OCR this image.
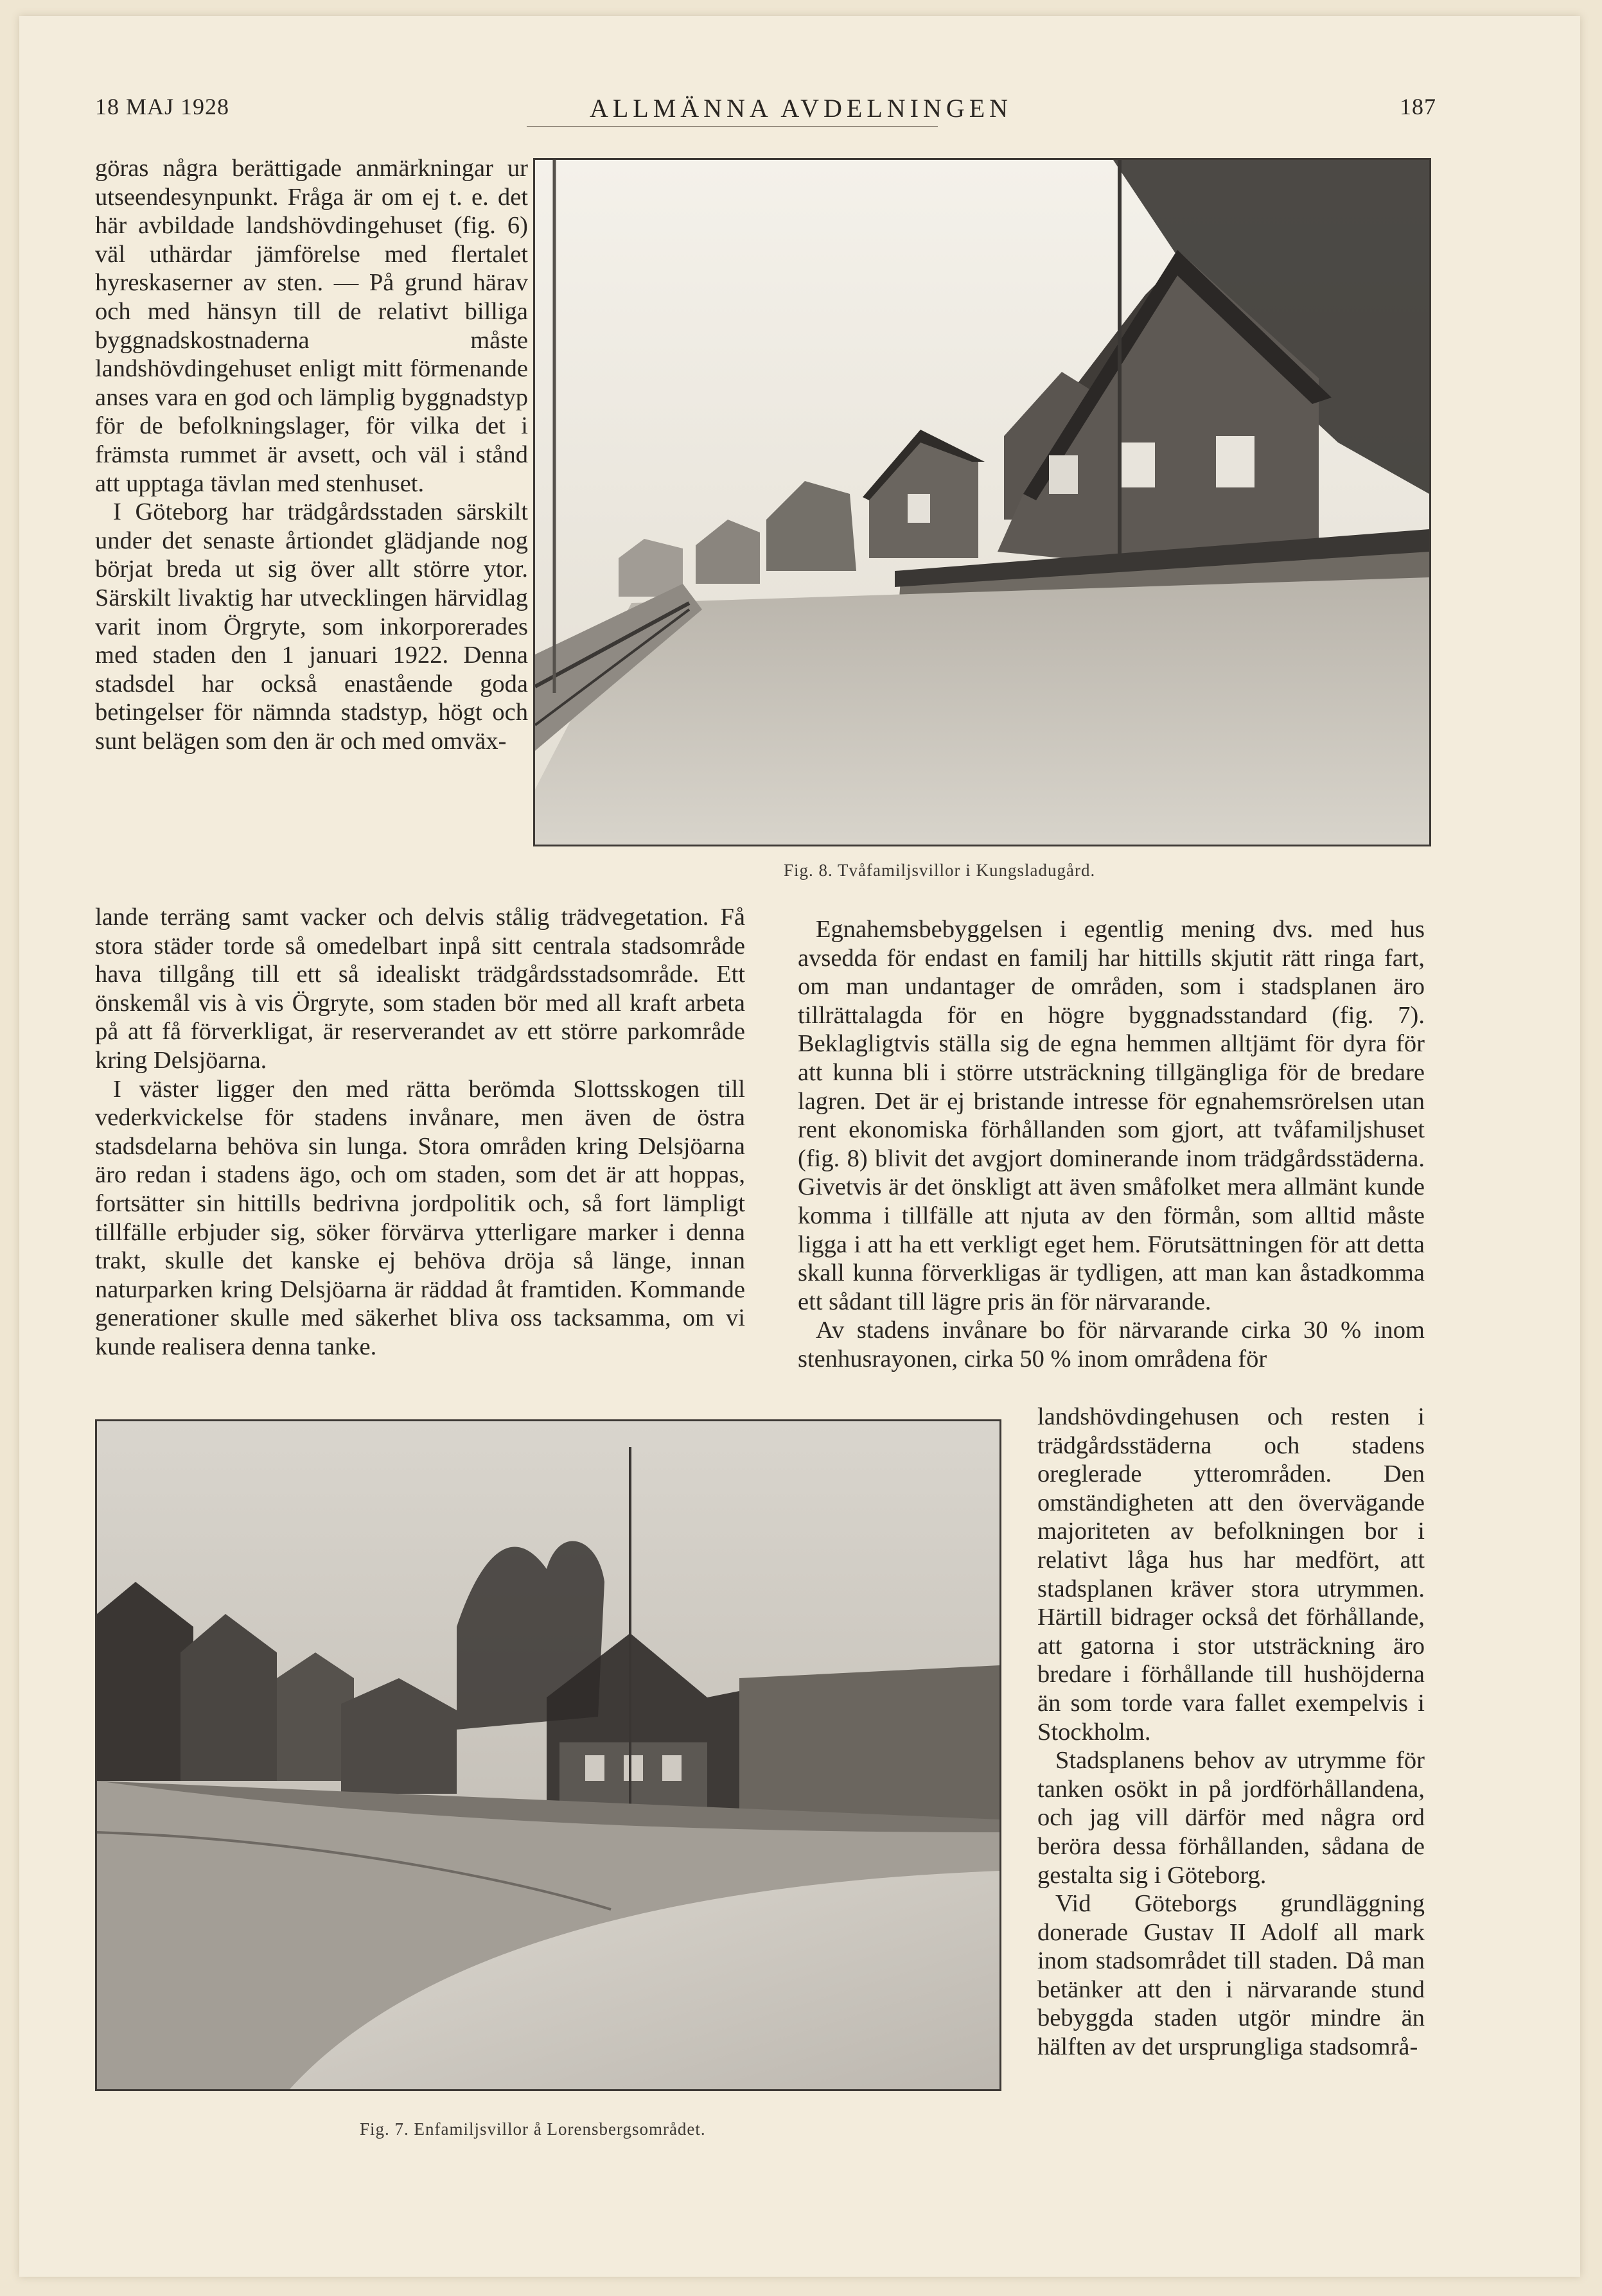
18 MAJ 1928	ALLMÄNNA AVDELNINGEN	187

göras några berättigade anmärkningar ur utseendesynpunkt. Fråga är om ej t. e. det här avbildade landshövdingehuset (fig. 6) väl uthärdar jämförelse med flertalet hyreskaserner av sten. — På grund härav och med hänsyn till de relativt billiga byggnadskostnaderna måste landshövdingehuset enligt mitt förmenande anses vara en god och lämplig byggnadstyp för de befolkningslager, för vilka det i främsta rummet är avsett, och väl i stånd att upptaga tävlan med stenhuset.

I Göteborg har trädgårdsstaden särskilt under det senaste årtiondet glädjande nog börjat breda ut sig över allt större ytor. Särskilt livaktig har utvecklingen härvidlag varit inom Örgryte, som inkorporerades med staden den 1 januari 1922. Denna stadsdel har också enastående goda betingelser för nämnda stadstyp, högt och sunt belägen som den är och med omväx-

Fig. 8. Tvåfamiljsvillor i Kungsladugård.

lande terräng samt vacker och delvis stålig trädvegetation. Få stora städer torde så omedelbart inpå sitt centrala stadsområde hava tillgång till ett så idealiskt trädgårdsstadsområde. Ett önskemål vis à vis Örgryte, som staden bör med all kraft arbeta på att få förverkligat, är reserverandet av ett större parkområde kring Delsjöarna.

I väster ligger den med rätta berömda Slottsskogen till vederkvickelse för stadens invånare, men även de östra stadsdelarna behöva sin lunga. Stora områden kring Delsjöarna äro redan i stadens ägo, och om staden, som det är att hoppas, fortsätter sin hittills bedrivna jordpolitik och, så fort lämpligt tillfälle erbjuder sig, söker förvärva ytterligare marker i denna trakt, skulle det kanske ej behöva dröja så länge, innan naturparken kring Delsjöarna är räddad åt framtiden. Kommande generationer skulle med säkerhet bliva oss tacksamma, om vi kunde realisera denna tanke.

Egnahemsbebyggelsen i egentlig mening dvs. med hus avsedda för endast en familj har hittills skjutit rätt ringa fart, om man undantager de områden, som i stadsplanen äro tillrättalagda för en högre byggnadsstandard (fig. 7). Beklagligtvis ställa sig de egna hemmen alltjämt för dyra för att kunna bli i större utsträckning tillgängliga för de bredare lagren. Det är ej bristande intresse för egnahemsrörelsen utan rent ekonomiska förhållanden som gjort, att tvåfamiljshuset (fig. 8) blivit det avgjort dominerande inom trädgårdsstäderna. Givetvis är det önskligt att även småfolket mera allmänt kunde komma i tillfälle att njuta av den förmån, som alltid måste ligga i att ha ett verkligt eget hem. Förutsättningen för att detta skall kunna förverkligas är tydligen, att man kan åstadkomma ett sådant till lägre pris än för närvarande.

Av stadens invånare bo för närvarande cirka 30 % inom stenhusrayonen, cirka 50 % inom områdena för

landshövdingehusen och resten i trädgårdsstäderna och stadens oreglerade ytterområden. Den omständigheten att den övervägande majoriteten av befolkningen bor i relativt låga hus har medfört, att stadsplanen kräver stora utrymmen. Härtill bidrager också det förhållande, att gatorna i stor utsträckning äro bredare i förhållande till hushöjderna än som torde vara fallet exempelvis i Stockholm.

Stadsplanens behov av utrymme för tanken osökt in på jordförhållandena, och jag vill därför med några ord beröra dessa förhållanden, sådana de gestalta sig i Göteborg.

Vid Göteborgs grundläggning donerade Gustav II Adolf all mark inom stadsområdet till staden. Då man betänker att den i närvarande stund bebyggda staden utgör mindre än hälften av det ursprungliga stadsområ-

Fig. 7. Enfamiljsvillor å Lorensbergsområdet.
